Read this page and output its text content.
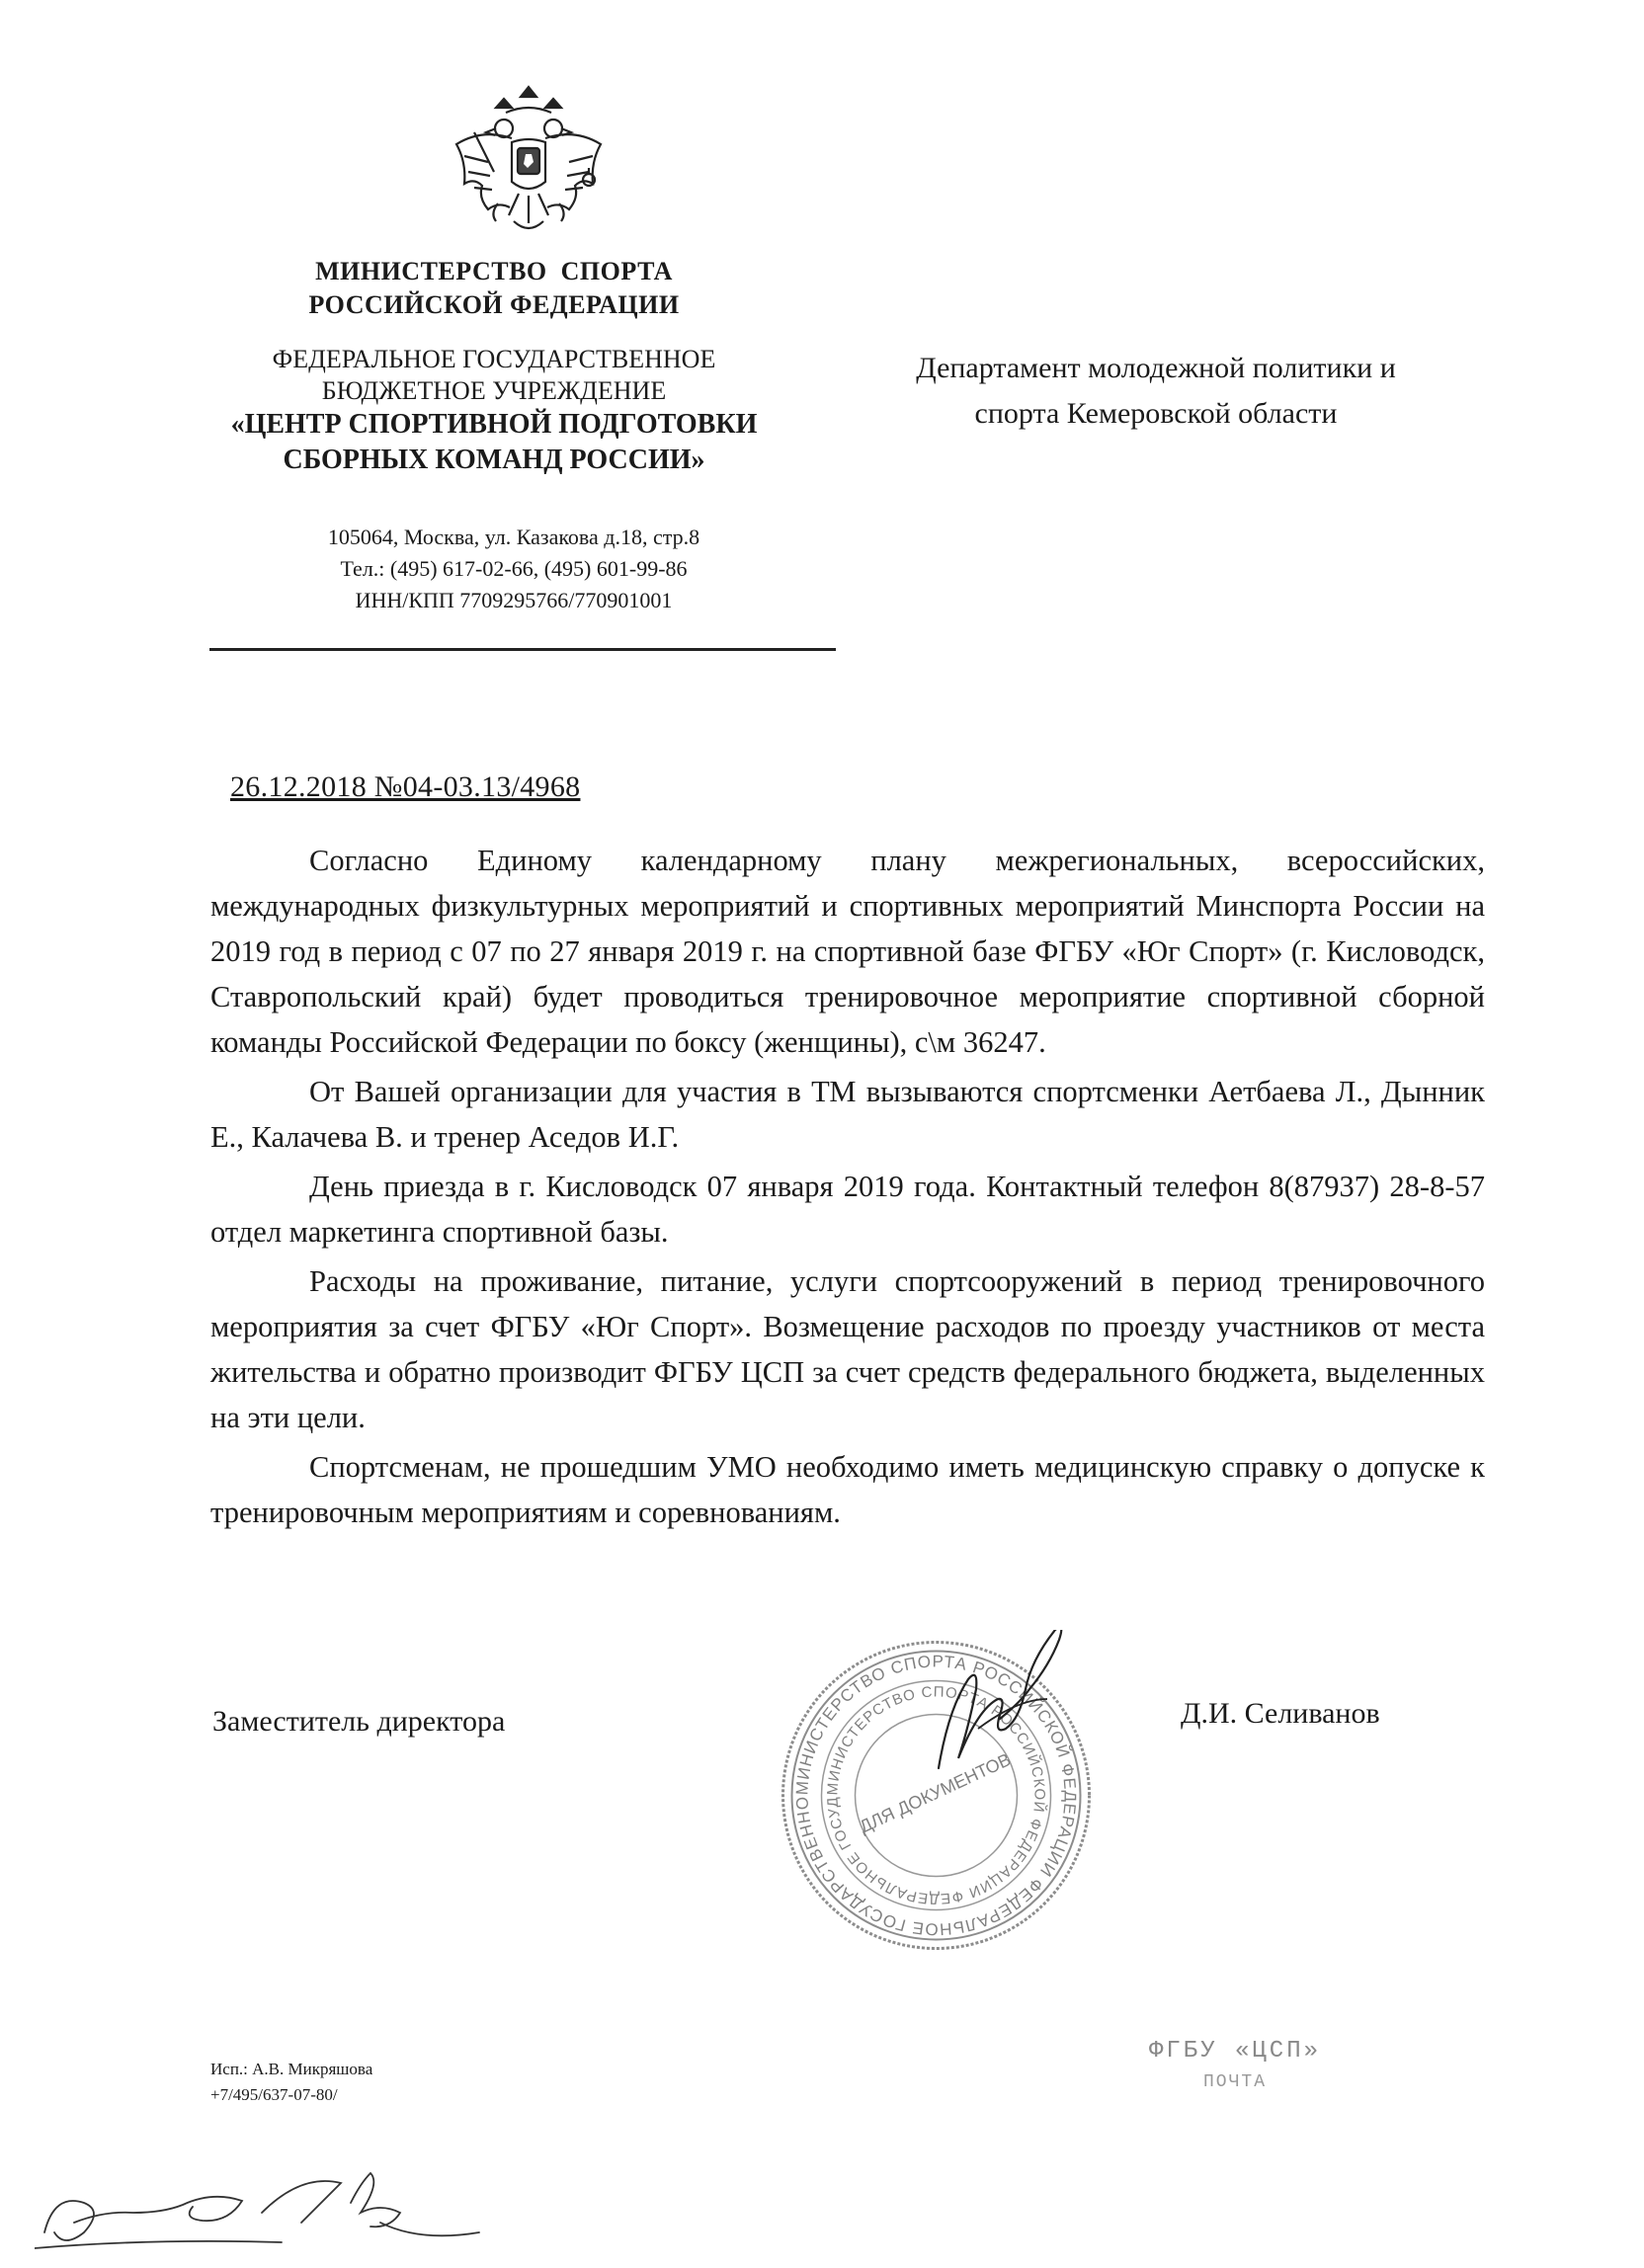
МИНИСТЕРСТВО  СПОРТА
РОССИЙСКОЙ ФЕДЕРАЦИИ
ФЕДЕРАЛЬНОЕ ГОСУДАРСТВЕННОЕ
БЮДЖЕТНОЕ УЧРЕЖДЕНИЕ
«ЦЕНТР СПОРТИВНОЙ ПОДГОТОВКИ
СБОРНЫХ КОМАНД РОССИИ»
105064, Москва, ул. Казакова д.18, стр.8
Тел.: (495) 617-02-66, (495) 601-99-86
ИНН/КПП 7709295766/770901001
Департамент молодежной политики и
спорта Кемеровской области
26.12.2018 №04-03.13/4968

Согласно Единому календарному плану межрегиональных, всероссийских, международных физкультурных мероприятий и спортивных мероприятий Минспорта России на 2019 год в период с 07 по 27 января 2019 г. на спортивной базе ФГБУ «Юг Спорт» (г. Кисловодск, Ставропольский край) будет проводиться тренировочное мероприятие спортивной сборной команды Российской Федерации по боксу (женщины), с\м 36247.

От Вашей организации для участия в ТМ вызываются спортсменки Аетбаева Л., Дынник Е., Калачева В. и тренер Аседов И.Г.

День приезда в г. Кисловодск 07 января 2019 года. Контактный телефон 8(87937) 28-8-57 отдел маркетинга спортивной базы.

Расходы на проживание, питание, услуги спортсооружений в период тренировочного мероприятия за счет ФГБУ «Юг Спорт». Возмещение расходов по проезду участников от места жительства и обратно производит ФГБУ ЦСП за счет средств федерального бюджета, выделенных на эти цели.

Спортсменам, не прошедшим УМО необходимо иметь медицинскую справку о допуске к тренировочным мероприятиям и соревнованиям.

МИНИСТЕРСТВО СПОРТА РОССИЙСКОЙ ФЕДЕРАЦИИ ФЕДЕРАЛЬНОЕ ГОСУДАРСТВЕННО
МИНИСТЕРСТВО СПОРТА РОССИЙСКОЙ ФЕДЕРАЦИИ ФЕДЕРАЛЬНОЕ ГОСУД ДЛЯ ДОКУМЕНТОВ
Заместитель директора	Д.И. Селиванов
Исп.: А.В. Микряшова
+7/495/637-07-80/
ФГБУ «ЦСП»
ПОЧТА
